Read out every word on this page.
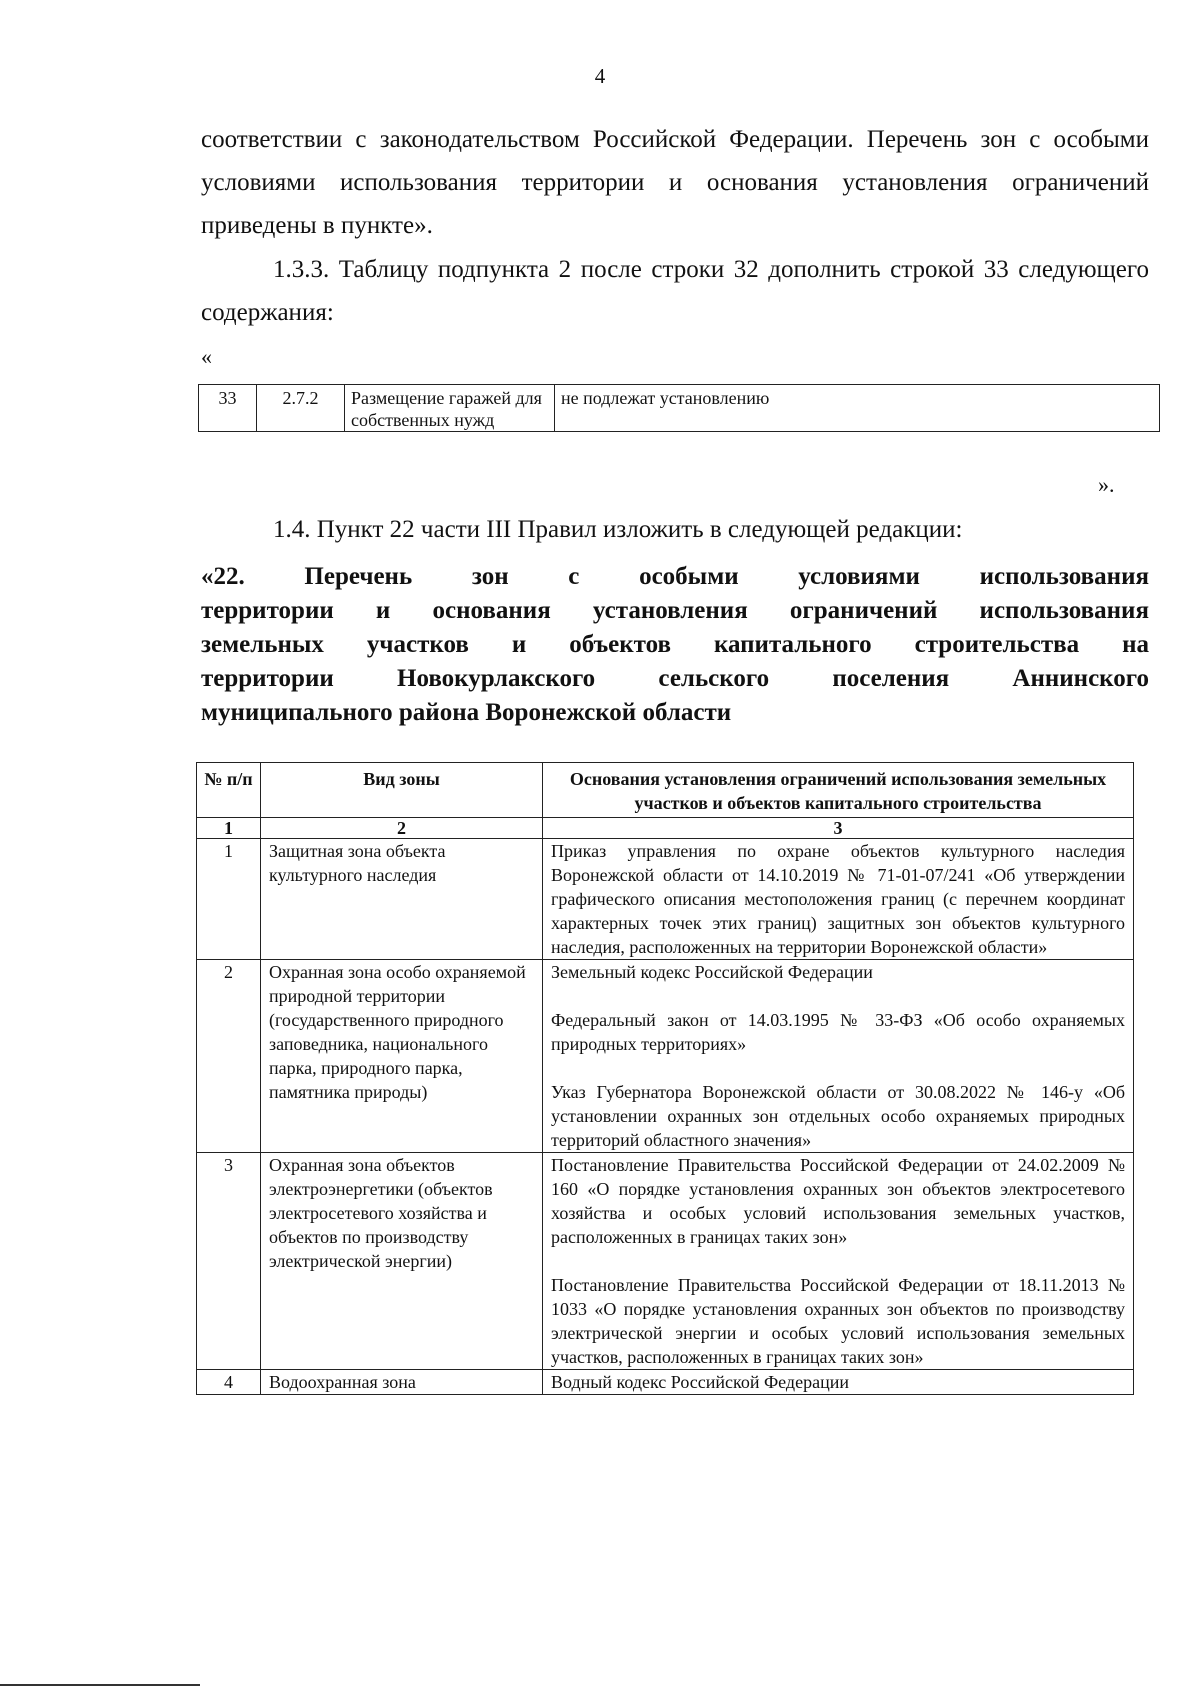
4

соответствии с законодательством Российской Федерации. Перечень зон с особыми условиями использования территории и основания установления ограничений приведены в пункте».

1.3.3. Таблицу подпункта 2 после строки 32 дополнить строкой 33 следующего содержания:

«
33	2.7.2	Размещение гаражей для собственных нужд	не подлежат установлению
».
1.4. Пункт 22 части III Правил изложить в следующей редакции:
«22. Перечень зон с особыми условиями использования
территории и основания установления ограничений использования
земельных участков и объектов капитального строительства на
территории Новокурлакского сельского поселения Аннинского
муниципального района Воронежской области
№ п/п	Вид зоны	Основания установления ограничений использования земельных участков и объектов капитального строительства
1	2	3
1	Защитная зона объекта культурного наследия	Приказ управления по охране объектов культурного наследия Воронежской области от 14.10.2019 № 71-01-07/241 «Об утверждении графического описания местоположения границ (с перечнем координат характерных точек этих границ) защитных зон объектов культурного наследия, расположенных на территории Воронежской области»

2	Охранная зона особо охраняемой природной территории (государственного природного заповедника, национального парка, природного парка, памятника природы)	Земельный кодекс Российской Федерации

Федеральный закон от 14.03.1995 № 33-ФЗ «Об особо охраняемых природных территориях»

Указ Губернатора Воронежской области от 30.08.2022 № 146-у «Об установлении охранных зон отдельных особо охраняемых природных территорий областного значения»

3	Охранная зона объектов электроэнергетики (объектов электросетевого хозяйства и объектов по производству электрической энергии)	Постановление Правительства Российской Федерации от 24.02.2009 № 160 «О порядке установления охранных зон объектов электросетевого хозяйства и особых условий использования земельных участков, расположенных в границах таких зон»

Постановление Правительства Российской Федерации от 18.11.2013 № 1033 «О порядке установления охранных зон объектов по производству электрической энергии и особых условий использования земельных участков, расположенных в границах таких зон»

4	Водоохранная зона	Водный кодекс Российской Федерации
